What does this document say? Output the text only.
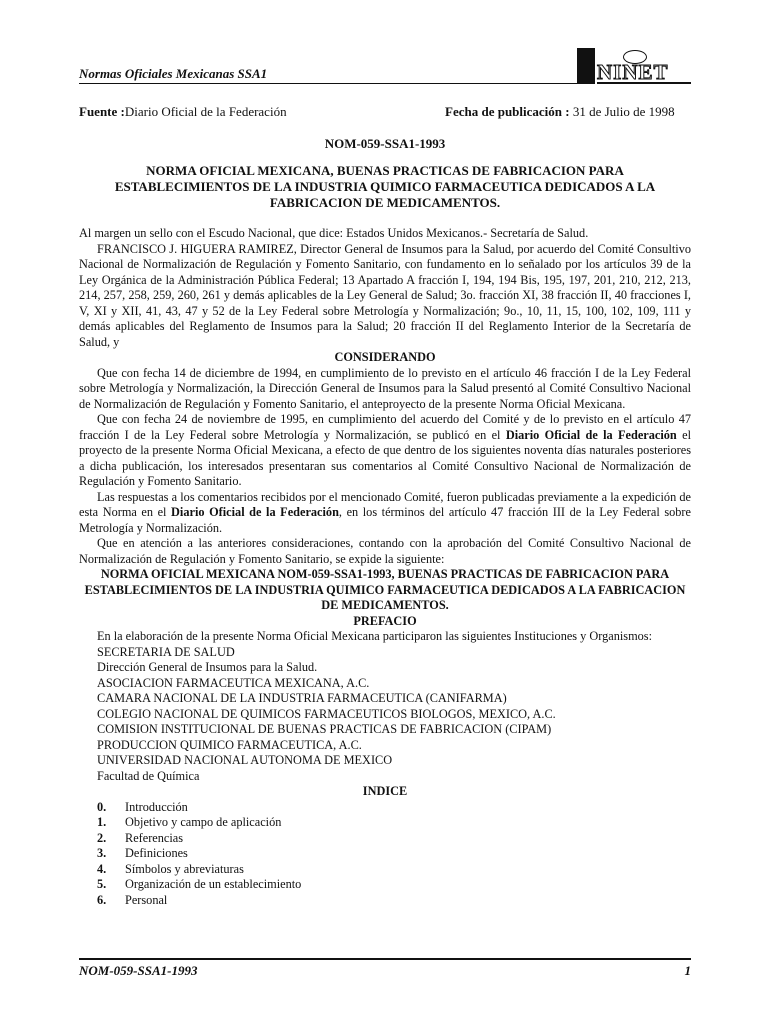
Normas Oficiales Mexicanas SSA1	NINET
Fuente :Diario Oficial de la Federación	Fecha de publicación : 31 de Julio de 1998
NOM-059-SSA1-1993
NORMA OFICIAL MEXICANA, BUENAS PRACTICAS DE FABRICACION PARA ESTABLECIMIENTOS DE LA INDUSTRIA QUIMICO FARMACEUTICA DEDICADOS A LA FABRICACION DE MEDICAMENTOS.

Al margen un sello con el Escudo Nacional, que dice: Estados Unidos Mexicanos.- Secretaría de Salud.

FRANCISCO J. HIGUERA RAMIREZ, Director General de Insumos para la Salud, por acuerdo del Comité Consultivo Nacional de Normalización de Regulación y Fomento Sanitario, con fundamento en lo señalado por los artículos 39 de la Ley Orgánica de la Administración Pública Federal; 13 Apartado A fracción I, 194, 194 Bis, 195, 197, 201, 210, 212, 213, 214, 257, 258, 259, 260, 261 y demás aplicables de la Ley General de Salud; 3o. fracción XI, 38 fracción II, 40 fracciones I, V, XI y XII, 41, 43, 47 y 52 de la Ley Federal sobre Metrología y Normalización; 9o., 10, 11, 15, 100, 102, 109, 111 y demás aplicables del Reglamento de Insumos para la Salud; 20 fracción II del Reglamento Interior de la Secretaría de Salud, y

CONSIDERANDO

Que con fecha 14 de diciembre de 1994, en cumplimiento de lo previsto en el artículo 46 fracción I de la Ley Federal sobre Metrología y Normalización, la Dirección General de Insumos para la Salud presentó al Comité Consultivo Nacional de Normalización de Regulación y Fomento Sanitario, el anteproyecto de la presente Norma Oficial Mexicana.

Que con fecha 24 de noviembre de 1995, en cumplimiento del acuerdo del Comité y de lo previsto en el artículo 47 fracción I de la Ley Federal sobre Metrología y Normalización, se publicó en el Diario Oficial de la Federación el proyecto de la presente Norma Oficial Mexicana, a efecto de que dentro de los siguientes noventa días naturales posteriores a dicha publicación, los interesados presentaran sus comentarios al Comité Consultivo Nacional de Normalización de Regulación y Fomento Sanitario.

Las respuestas a los comentarios recibidos por el mencionado Comité, fueron publicadas previamente a la expedición de esta Norma en el Diario Oficial de la Federación, en los términos del artículo 47 fracción III de la Ley Federal sobre Metrología y Normalización.

Que en atención a las anteriores consideraciones, contando con la aprobación del Comité Consultivo Nacional de Normalización de Regulación y Fomento Sanitario, se expide la siguiente:

NORMA OFICIAL MEXICANA NOM-059-SSA1-1993, BUENAS PRACTICAS DE FABRICACION PARA ESTABLECIMIENTOS DE LA INDUSTRIA QUIMICO FARMACEUTICA DEDICADOS A LA FABRICACION DE MEDICAMENTOS.

PREFACIO

En la elaboración de la presente Norma Oficial Mexicana participaron las siguientes Instituciones y Organismos:

SECRETARIA DE SALUD
Dirección General de Insumos para la Salud.
ASOCIACION FARMACEUTICA MEXICANA, A.C.
CAMARA NACIONAL DE LA INDUSTRIA FARMACEUTICA (CANIFARMA)
COLEGIO NACIONAL DE QUIMICOS FARMACEUTICOS BIOLOGOS, MEXICO, A.C.
COMISION INSTITUCIONAL DE BUENAS PRACTICAS DE FABRICACION (CIPAM)
PRODUCCION QUIMICO FARMACEUTICA, A.C.
UNIVERSIDAD NACIONAL AUTONOMA DE MEXICO
Facultad de Química

INDICE

0.	Introducción
1.	Objetivo y campo de aplicación
2.	Referencias
3.	Definiciones
4.	Símbolos y abreviaturas
5.	Organización de un establecimiento
6.	Personal
NOM-059-SSA1-1993	1
